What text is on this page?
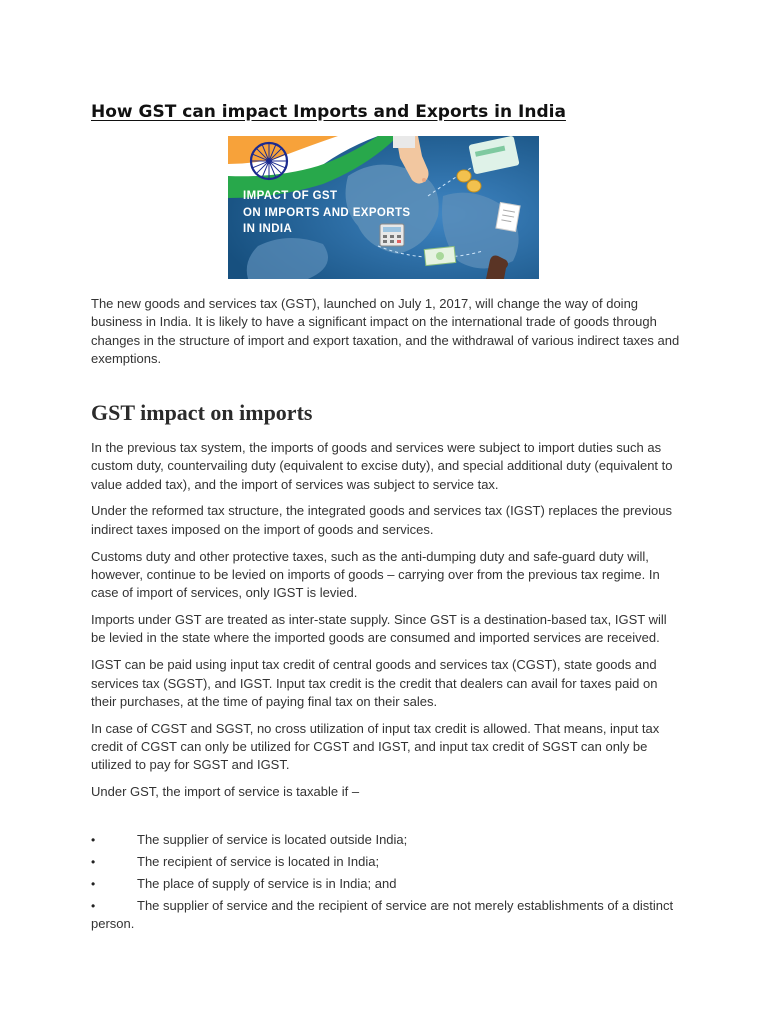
How GST can impact Imports and Exports in India

IMPACT OF GST
ON IMPORTS AND EXPORTS
IN INDIA

The new goods and services tax (GST), launched on July 1, 2017, will change the way of doing business in India. It is likely to have a significant impact on the international trade of goods through changes in the structure of import and export taxation, and the withdrawal of various indirect taxes and exemptions.

GST impact on imports

In the previous tax system, the imports of goods and services were subject to import duties such as custom duty, countervailing duty (equivalent to excise duty), and special additional duty (equivalent to value added tax), and the import of services was subject to service tax.

Under the reformed tax structure, the integrated goods and services tax (IGST) replaces the previous indirect taxes imposed on the import of goods and services.

Customs duty and other protective taxes, such as the anti-dumping duty and safe-guard duty will, however, continue to be levied on imports of goods – carrying over from the previous tax regime. In case of import of services, only IGST is levied.

Imports under GST are treated as inter-state supply. Since GST is a destination-based tax, IGST will be levied in the state where the imported goods are consumed and imported services are received.

IGST can be paid using input tax credit of central goods and services tax (CGST), state goods and services tax (SGST), and IGST. Input tax credit is the credit that dealers can avail for taxes paid on their purchases, at the time of paying final tax on their sales.

In case of CGST and SGST, no cross utilization of input tax credit is allowed. That means, input tax credit of CGST can only be utilized for CGST and IGST, and input tax credit of SGST can only be utilized to pay for SGST and IGST.

Under GST, the import of service is taxable if –

•	The supplier of service is located outside India;
•	The recipient of service is located in India;
•	The place of supply of service is in India; and
•	The supplier of service and the recipient of service are not merely establishments of a distinct person.
